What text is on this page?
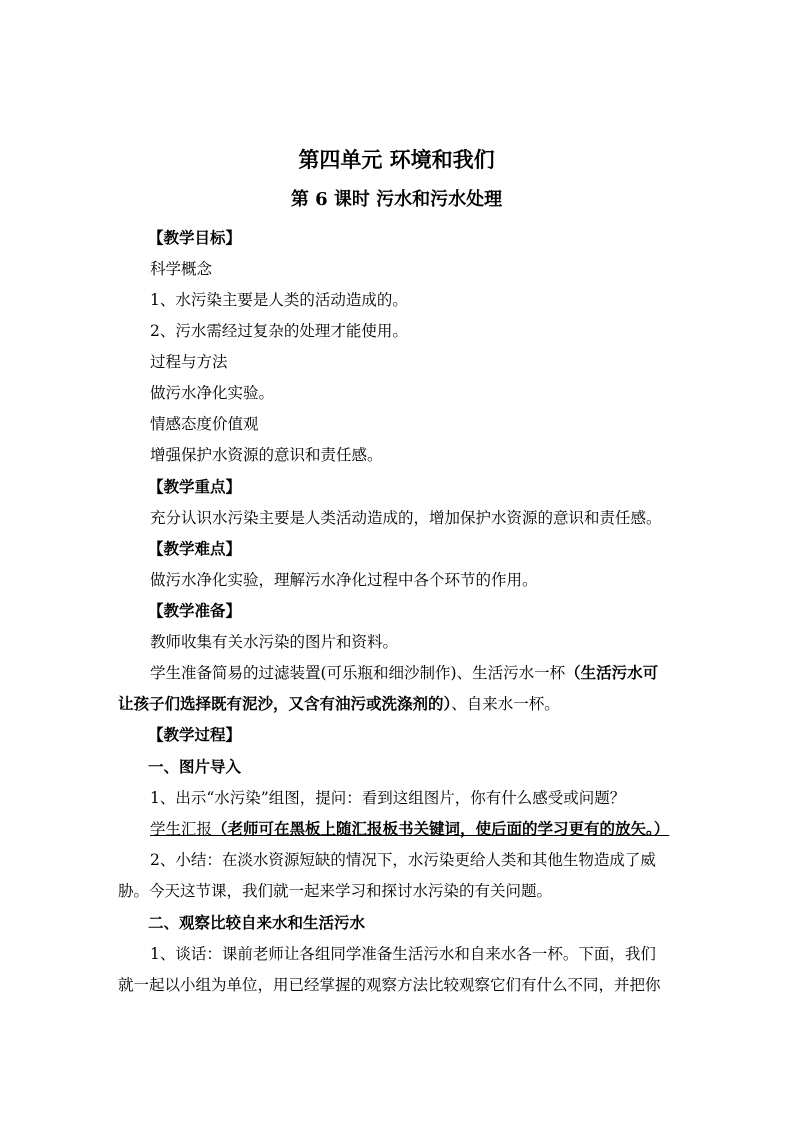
第四单元 环境和我们
第 6 课时 污水和污水处理
【教学目标】
科学概念
1、水污染主要是人类的活动造成的。
2、污水需经过复杂的处理才能使用。
过程与方法
做污水净化实验。
情感态度价值观
增强保护水资源的意识和责任感。
【教学重点】
充分认识水污染主要是人类活动造成的，增加保护水资源的意识和责任感。
【教学难点】
做污水净化实验，理解污水净化过程中各个环节的作用。
【教学准备】
教师收集有关水污染的图片和资料。
学生准备简易的过滤装置(可乐瓶和细沙制作)、生活污水一杯（生活污水可
让孩子们选择既有泥沙，又含有油污或洗涤剂的）、自来水一杯。
【教学过程】
一、图片导入
1、出示“水污染”组图，提问：看到这组图片，你有什么感受或问题？
学生汇报（老师可在黑板上随汇报板书关键词，使后面的学习更有的放矢。）
2、小结：在淡水资源短缺的情况下，水污染更给人类和其他生物造成了威
胁。今天这节课，我们就一起来学习和探讨水污染的有关问题。
二、观察比较自来水和生活污水
1、谈话：课前老师让各组同学准备生活污水和自来水各一杯。下面，我们
就一起以小组为单位，用已经掌握的观察方法比较观察它们有什么不同，并把你
